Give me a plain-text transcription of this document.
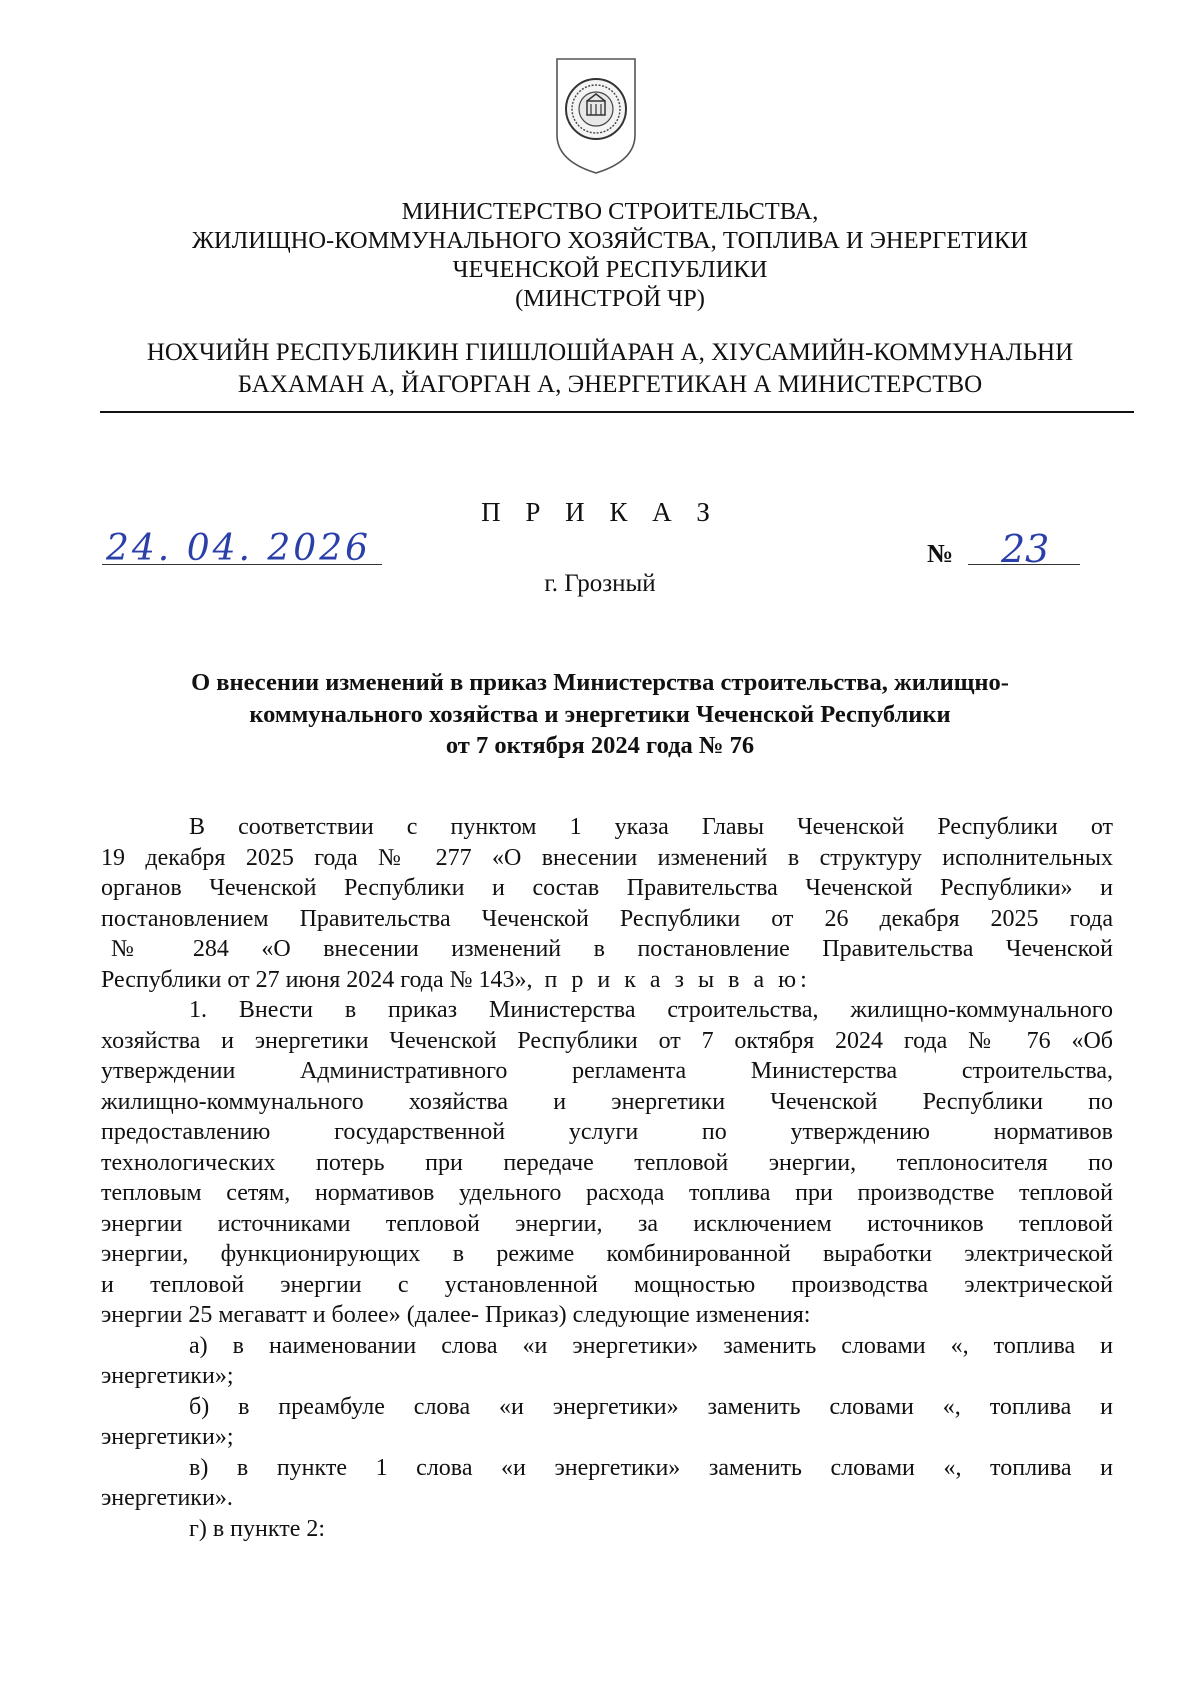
МИНИСТЕРСТВО СТРОИТЕЛЬСТВА,
ЖИЛИЩНО-КОММУНАЛЬНОГО ХОЗЯЙСТВА, ТОПЛИВА И ЭНЕРГЕТИКИ
ЧЕЧЕНСКОЙ РЕСПУБЛИКИ
(МИНСТРОЙ ЧР)
НОХЧИЙН РЕСПУБЛИКИН ГIИШЛОШЙАРАН А, ХIУСАМИЙН-КОММУНАЛЬНИ
БАХАМАН А, ЙАГОРГАН А, ЭНЕРГЕТИКАН А МИНИСТЕРСТВО
П Р И К А З
24. 04. 2026	№ 23
г. Грозный
О внесении изменений в приказ Министерства строительства, жилищно-
коммунального хозяйства и энергетики Чеченской Республики
от 7 октября 2024 года № 76
В соответствии с пунктом 1 указа Главы Чеченской Республики от
19 декабря 2025 года № 277 «О внесении изменений в структуру исполнительных
органов Чеченской Республики и состав Правительства Чеченской Республики» и
постановлением Правительства Чеченской Республики от 26 декабря 2025 года
№ 284 «О внесении изменений в постановление Правительства Чеченской
Республики от 27 июня 2024 года № 143», п р и к а з ы в а ю:
1. Внести в приказ Министерства строительства, жилищно-коммунального
хозяйства и энергетики Чеченской Республики от 7 октября 2024 года № 76 «Об
утверждении Административного регламента Министерства строительства,
жилищно-коммунального хозяйства и энергетики Чеченской Республики по
предоставлению государственной услуги по утверждению нормативов
технологических потерь при передаче тепловой энергии, теплоносителя по
тепловым сетям, нормативов удельного расхода топлива при производстве тепловой
энергии источниками тепловой энергии, за исключением источников тепловой
энергии, функционирующих в режиме комбинированной выработки электрической
и тепловой энергии с установленной мощностью производства электрической
энергии 25 мегаватт и более» (далее- Приказ) следующие изменения:
а) в наименовании слова «и энергетики» заменить словами «, топлива и
энергетики»;
б) в преамбуле слова «и энергетики» заменить словами «, топлива и
энергетики»;
в) в пункте 1 слова «и энергетики» заменить словами «, топлива и
энергетики».
г) в пункте 2:
